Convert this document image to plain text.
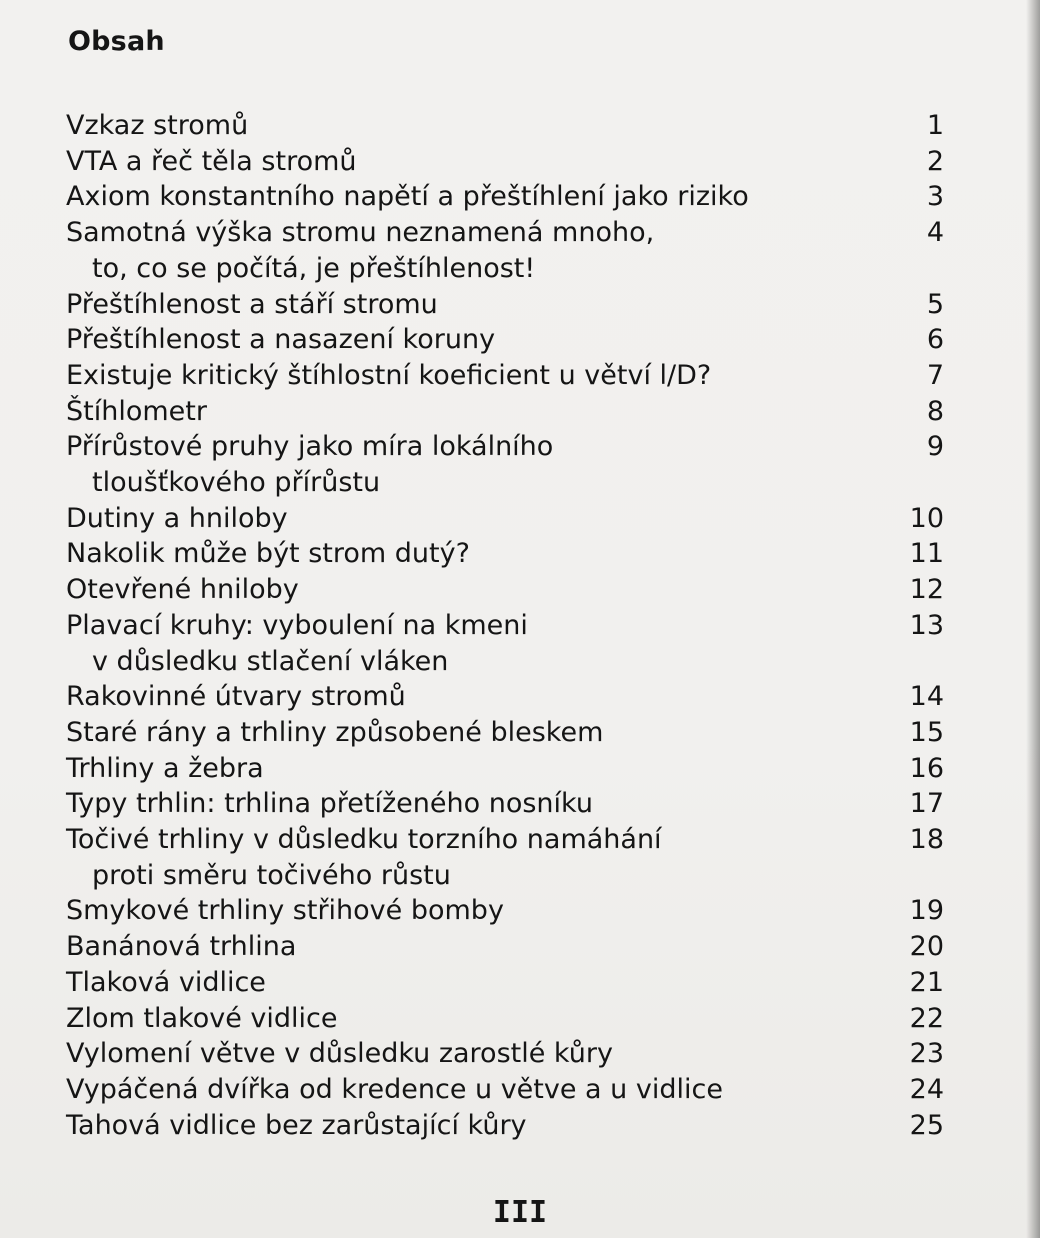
Obsah
Vzkaz stromů	1
VTA a řeč těla stromů	2
Axiom konstantního napětí a přeštíhlení jako riziko	3
Samotná výška stromu neznamená mnoho,	4
to, co se počítá, je přeštíhlenost!
Přeštíhlenost a stáří stromu	5
Přeštíhlenost a nasazení koruny	6
Existuje kritický štíhlostní koeficient u větví l/D?	7
Štíhlometr	8
Přírůstové pruhy jako míra lokálního	9
tloušťkového přírůstu
Dutiny a hniloby	10
Nakolik může být strom dutý?	11
Otevřené hniloby	12
Plavací kruhy: vyboulení na kmeni	13
v důsledku stlačení vláken
Rakovinné útvary stromů	14
Staré rány a trhliny způsobené bleskem	15
Trhliny a žebra	16
Typy trhlin: trhlina přetíženého nosníku	17
Točivé trhliny v důsledku torzního namáhání	18
proti směru točivého růstu
Smykové trhliny střihové bomby	19
Banánová trhlina	20
Tlaková vidlice	21
Zlom tlakové vidlice	22
Vylomení větve v důsledku zarostlé kůry	23
Vypáčená dvířka od kredence u větve a u vidlice	24
Tahová vidlice bez zarůstající kůry	25
III
